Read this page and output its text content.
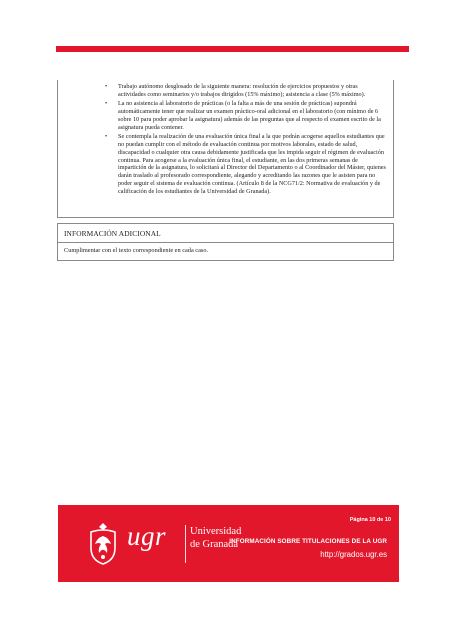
• Trabajo autónomo desglosado de la siguiente manera: resolución de ejercicios propuestos y otras actividades como seminarios y/o trabajos dirigidos (15% máximo); asistencia a clase (5% máximo).
• La no asistencia al laboratorio de prácticas (o la falta a más de una sesión de prácticas) supondrá automáticamente tener que realizar un examen práctico-oral adicional en el laboratorio (con mínimo de 6 sobre 10 para poder aprobar la asignatura) además de las preguntas que al respecto el examen escrito de la asignatura pueda contener.
• Se contempla la realización de una evaluación única final a la que podrán acogerse aquellos estudiantes que no puedan cumplir con el método de evaluación continua por motivos laborales, estado de salud, discapacidad o cualquier otra causa debidamente justificada que les impida seguir el régimen de evaluación continua. Para acogerse a la evaluación única final, el estudiante, en las dos primeras semanas de impartición de la asignatura, lo solicitará al Director del Departamento o al Coordinador del Máster, quienes darán traslado al profesorado correspondiente, alegando y acreditando las razones que le asisten para no poder seguir el sistema de evaluación continua. (Artículo 8 de la NCG71/2: Normativa de evaluación y de calificación de los estudiantes de la Universidad de Granada).
INFORMACIÓN ADICIONAL
Cumplimentar con el texto correspondiente en cada caso.
ugr Universidad
de Granada
Página 10 de 10
INFORMACIÓN SOBRE TITULACIONES DE LA UGR
http://grados.ugr.es
